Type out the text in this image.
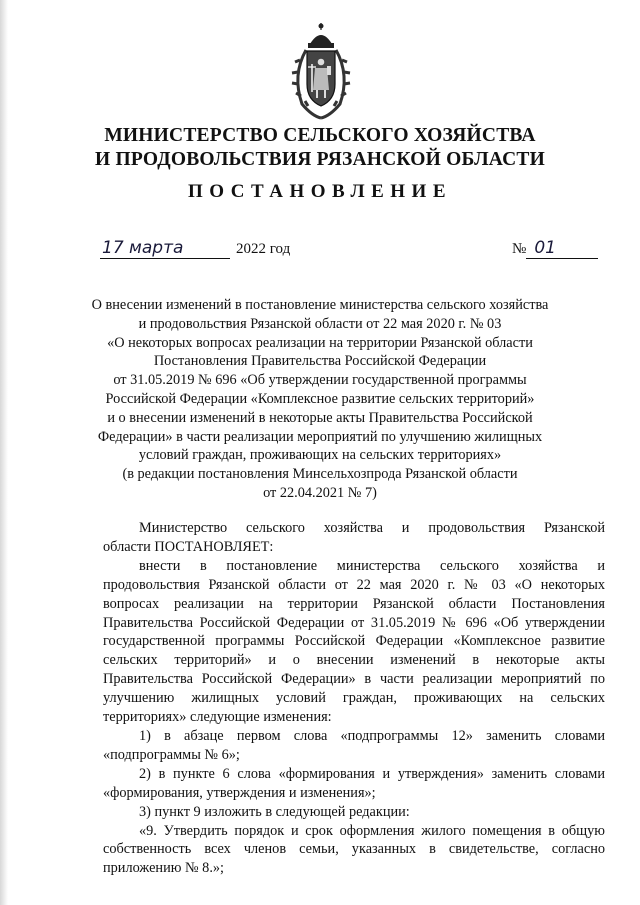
МИНИСТЕРСТВО СЕЛЬСКОГО ХОЗЯЙСТВА
И ПРОДОВОЛЬСТВИЯ РЯЗАНСКОЙ ОБЛАСТИ
ПОСТАНОВЛЕНИЕ
17 марта	2022 год	№ 01
О внесении изменений в постановление министерства сельского хозяйства
и продовольствия Рязанской области от 22 мая 2020 г. № 03
«О некоторых вопросах реализации на территории Рязанской области
Постановления Правительства Российской Федерации
от 31.05.2019 № 696 «Об утверждении государственной программы
Российской Федерации «Комплексное развитие сельских территорий»
и о внесении изменений в некоторые акты Правительства Российской
Федерации» в части реализации мероприятий по улучшению жилищных
условий граждан, проживающих на сельских территориях»
(в редакции постановления Минсельхозпрода Рязанской области
от 22.04.2021 № 7)
Министерство сельского хозяйства и продовольствия Рязанской
области ПОСТАНОВЛЯЕТ:
внести в постановление министерства сельского хозяйства и
продовольствия Рязанской области от 22 мая 2020 г. № 03 «О некоторых
вопросах реализации на территории Рязанской области Постановления
Правительства Российской Федерации от 31.05.2019 № 696 «Об утверждении
государственной программы Российской Федерации «Комплексное развитие
сельских территорий» и о внесении изменений в некоторые акты
Правительства Российской Федерации» в части реализации мероприятий по
улучшению жилищных условий граждан, проживающих на сельских
территориях» следующие изменения:
1) в абзаце первом слова «подпрограммы 12» заменить словами
«подпрограммы № 6»;
2) в пункте 6 слова «формирования и утверждения» заменить словами
«формирования, утверждения и изменения»;
3) пункт 9 изложить в следующей редакции:
«9. Утвердить порядок и срок оформления жилого помещения в общую
собственность всех членов семьи, указанных в свидетельстве, согласно
приложению № 8.»;
